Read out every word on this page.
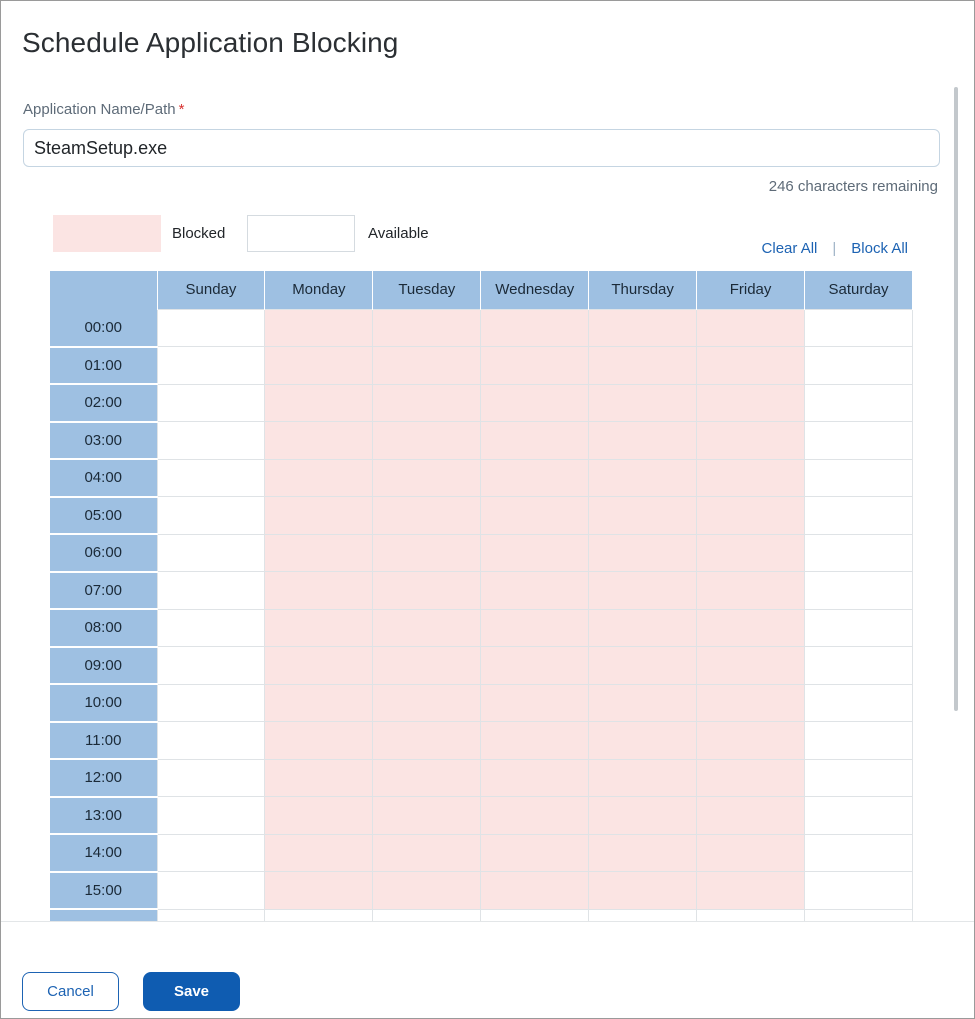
Schedule Application Blocking
Application Name/Path *
SteamSetup.exe
246 characters remaining
Blocked	Available
Clear All | Block All
	Sunday	Monday	Tuesday	Wednesday	Thursday	Friday	Saturday
00:00							
01:00							
02:00							
03:00							
04:00							
05:00							
06:00							
07:00							
08:00							
09:00							
10:00							
11:00							
12:00							
13:00							
14:00							
15:00							

Cancel	Save
